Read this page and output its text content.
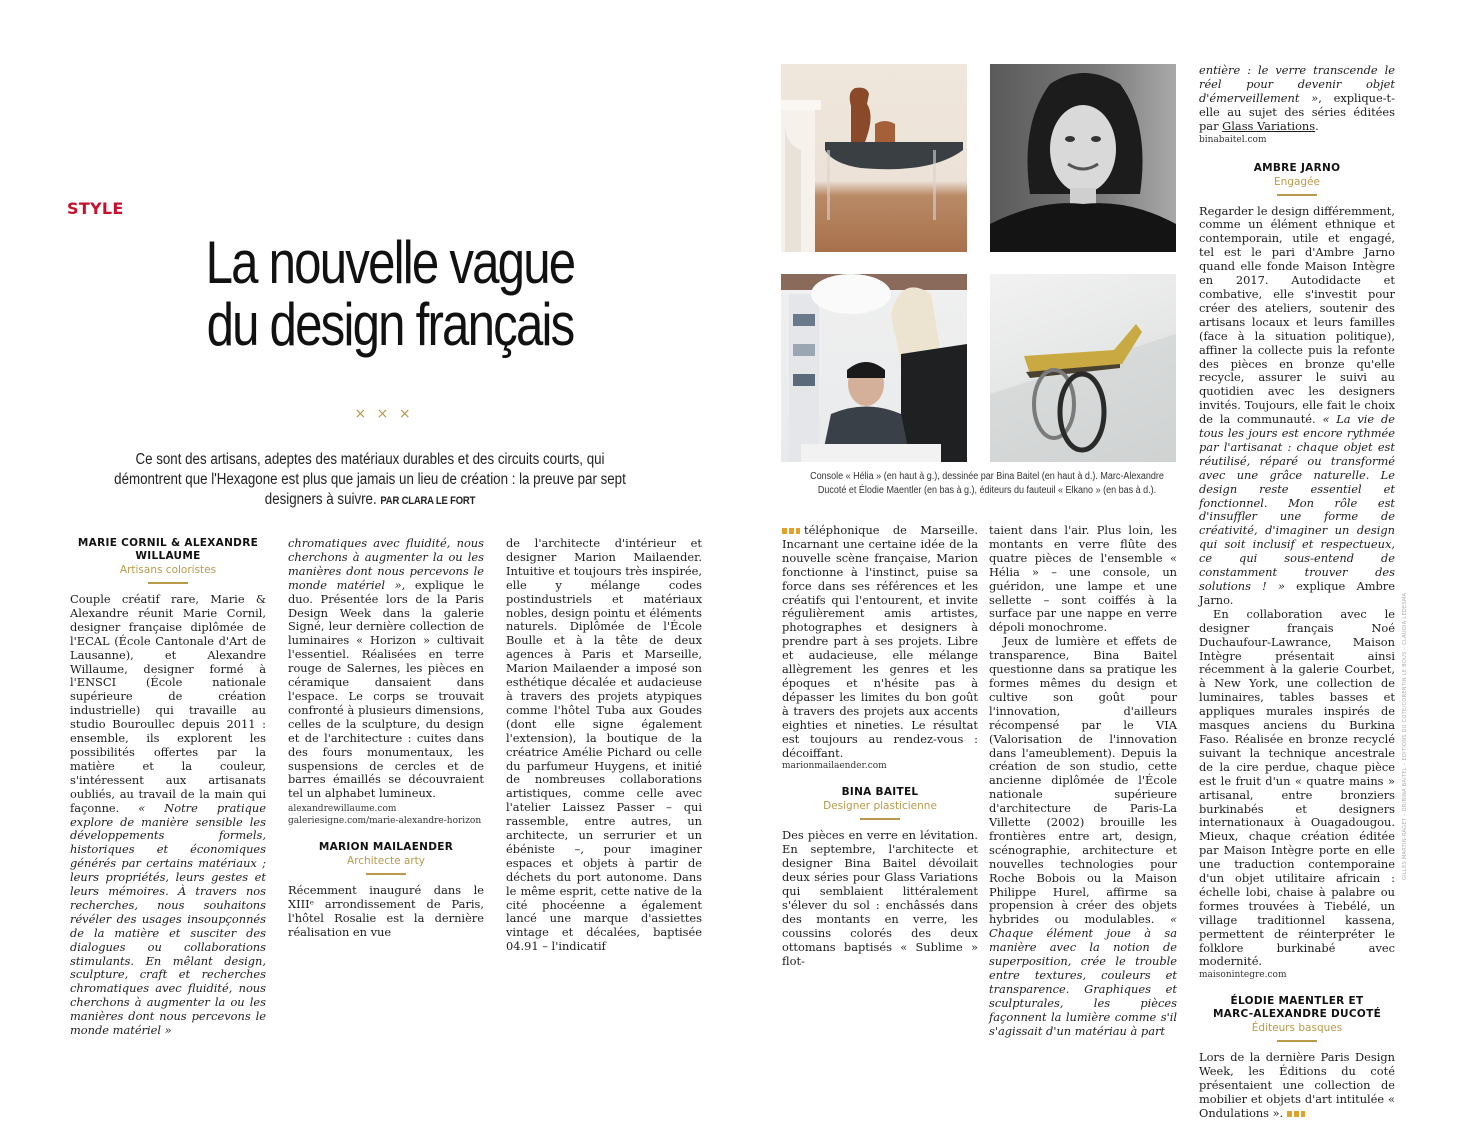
STYLE
La nouvelle vague
du design français
× × ×
Ce sont des artisans, adeptes des matériaux durables et des circuits courts, qui démontrent que l'Hexagone est plus que jamais un lieu de création : la preuve par sept designers à suivre. PAR CLARA LE FORT
MARIE CORNIL & ALEXANDRE WILLAUME
Artisans coloristes

Couple créatif rare, Marie & Alexandre réunit Marie Cornil, designer française diplômée de l'ECAL (École Cantonale d'Art de Lausanne), et Alexandre Willaume, designer formé à l'ENSCI (École nationale supérieure de création industrielle) qui travaille au studio Bouroullec depuis 2011 : ensemble, ils explorent les possibilités offertes par la matière et la couleur, s'intéressent aux artisanats oubliés, au travail de la main qui façonne. « Notre pratique explore de manière sensible les développements formels, historiques et économiques générés par certains matériaux ; leurs propriétés, leurs gestes et leurs mémoires. À travers nos recherches, nous souhaitons révéler des usages insoupçonnés de la matière et susciter des dialogues ou collaborations stimulants. En mêlant design, sculpture, craft et recherches chromatiques avec fluidité, nous cherchons à augmenter la ou les manières dont nous percevons le monde matériel »

chromatiques avec fluidité, nous cherchons à augmenter la ou les manières dont nous percevons le monde matériel », explique le duo. Présentée lors de la Paris Design Week dans la galerie Signé, leur dernière collection de luminaires « Horizon » cultivait l'essentiel. Réalisées en terre rouge de Salernes, les pièces en céramique dansaient dans l'espace. Le corps se trouvait confronté à plusieurs dimensions, celles de la sculpture, du design et de l'architecture : cuites dans des fours monumentaux, les suspensions de cercles et de barres émaillés se découvraient tel un alphabet lumineux.

alexandrewillaume.com
galeriesigne.com/marie-alexandre-horizon
MARION MAILAENDER
Architecte arty

Récemment inauguré dans le XIIIᵉ arrondissement de Paris, l'hôtel Rosalie est la dernière réalisation en vue

de l'architecte d'intérieur et designer Marion Mailaender. Intuitive et toujours très inspirée, elle y mélange codes postindustriels et matériaux nobles, design pointu et éléments naturels. Diplômée de l'École Boulle et à la tête de deux agences à Paris et Marseille, Marion Mailaender a imposé son esthétique décalée et audacieuse à travers des projets atypiques comme l'hôtel Tuba aux Goudes (dont elle signe également l'extension), la boutique de la créatrice Amélie Pichard ou celle du parfumeur Huygens, et initié de nombreuses collaborations artistiques, comme celle avec l'atelier Laissez Passer – qui rassemble, entre autres, un architecte, un serrurier et un ébéniste –, pour imaginer espaces et objets à partir de déchets du port autonome. Dans le même esprit, cette native de la cité phocéenne a également lancé une marque d'assiettes vintage et décalées, baptisée 04.91 – l'indicatif

Console « Hélia » (en haut à g.), dessinée par Bina Baitel (en haut à d.). Marc-Alexandre Ducoté et Élodie Maentler (en bas à g.), éditeurs du fauteuil « Elkano » (en bas à d.).

téléphonique de Marseille. Incarnant une certaine idée de la nouvelle scène française, Marion fonctionne à l'instinct, puise sa force dans ses références et les créatifs qui l'entourent, et invite régulièrement amis artistes, photographes et designers à prendre part à ses projets. Libre et audacieuse, elle mélange allègrement les genres et les époques et n'hésite pas à dépasser les limites du bon goût à travers des projets aux accents eighties et nineties. Le résultat est toujours au rendez-vous : décoiffant.

marionmailaender.com
BINA BAITEL
Designer plasticienne

Des pièces en verre en lévitation. En septembre, l'architecte et designer Bina Baitel dévoilait deux séries pour Glass Variations qui semblaient littéralement s'élever du sol : enchâssés dans des montants en verre, les coussins colorés des deux ottomans baptisés « Sublime » flot-

taient dans l'air. Plus loin, les montants en verre flûte des quatre pièces de l'ensemble « Hélia » – une console, un guéridon, une lampe et une sellette – sont coiffés à la surface par une nappe en verre dépoli monochrome.

Jeux de lumière et effets de transparence, Bina Baitel questionne dans sa pratique les formes mêmes du design et cultive son goût pour l'innovation, d'ailleurs récompensé par le VIA (Valorisation de l'innovation dans l'ameublement). Depuis la création de son studio, cette ancienne diplômée de l'École nationale supérieure d'architecture de Paris-La Villette (2002) brouille les frontières entre art, design, scénographie, architecture et nouvelles technologies pour Roche Bobois ou la Maison Philippe Hurel, affirme sa propension à créer des objets hybrides ou modulables. « Chaque élément joue à sa manière avec la notion de superposition, crée le trouble entre textures, couleurs et transparence. Graphiques et sculpturales, les pièces façonnent la lumière comme s'il s'agissait d'un matériau à part

entière : le verre transcende le réel pour devenir objet d'émerveillement », explique-t-elle au sujet des séries éditées par Glass Variations.

binabaitel.com
AMBRE JARNO
Engagée

Regarder le design différemment, comme un élément ethnique et contemporain, utile et engagé, tel est le pari d'Ambre Jarno quand elle fonde Maison Intègre en 2017. Autodidacte et combative, elle s'investit pour créer des ateliers, soutenir des artisans locaux et leurs familles (face à la situation politique), affiner la collecte puis la refonte des pièces en bronze qu'elle recycle, assurer le suivi au quotidien avec les designers invités. Toujours, elle fait le choix de la communauté. « La vie de tous les jours est encore rythmée par l'artisanat : chaque objet est réutilisé, réparé ou transformé avec une grâce naturelle. Le design reste essentiel et fonctionnel. Mon rôle est d'insuffler une forme de créativité, d'imaginer un design qui soit inclusif et respectueux, ce qui sous-entend de constamment trouver des solutions ! » explique Ambre Jarno.

En collaboration avec le designer français Noé Duchaufour-Lawrance, Maison Intègre présentait ainsi récemment à la galerie Courbet, à New York, une collection de luminaires, tables basses et appliques murales inspirés de masques anciens du Burkina Faso. Réalisée en bronze recyclé suivant la technique ancestrale de la cire perdue, chaque pièce est le fruit d'un « quatre mains » artisanal, entre bronziers burkinabés et designers internationaux à Ouagadougou. Mieux, chaque création éditée par Maison Intègre porte en elle une traduction contemporaine d'un objet utilitaire africain : échelle lobi, chaise à palabre ou formes trouvées à Tiebélé, un village traditionnel kassena, permettent de réinterpréter le folklore burkinabé avec modernité.

maisonintegre.com
ÉLODIE MAENTLER ET
MARC-ALEXANDRE DUCOTÉ
Éditeurs basques

Lors de la dernière Paris Design Week, les Éditions du coté présentaient une collection de mobilier et objets d'art intitulée « Ondulations ».

GILLES MARTIN-RAGET – DR/BINA BAITEL – ÉDITIONS DU COTÉ/CORENTIN LE BOUS – CLAUDIA LEDESMA
